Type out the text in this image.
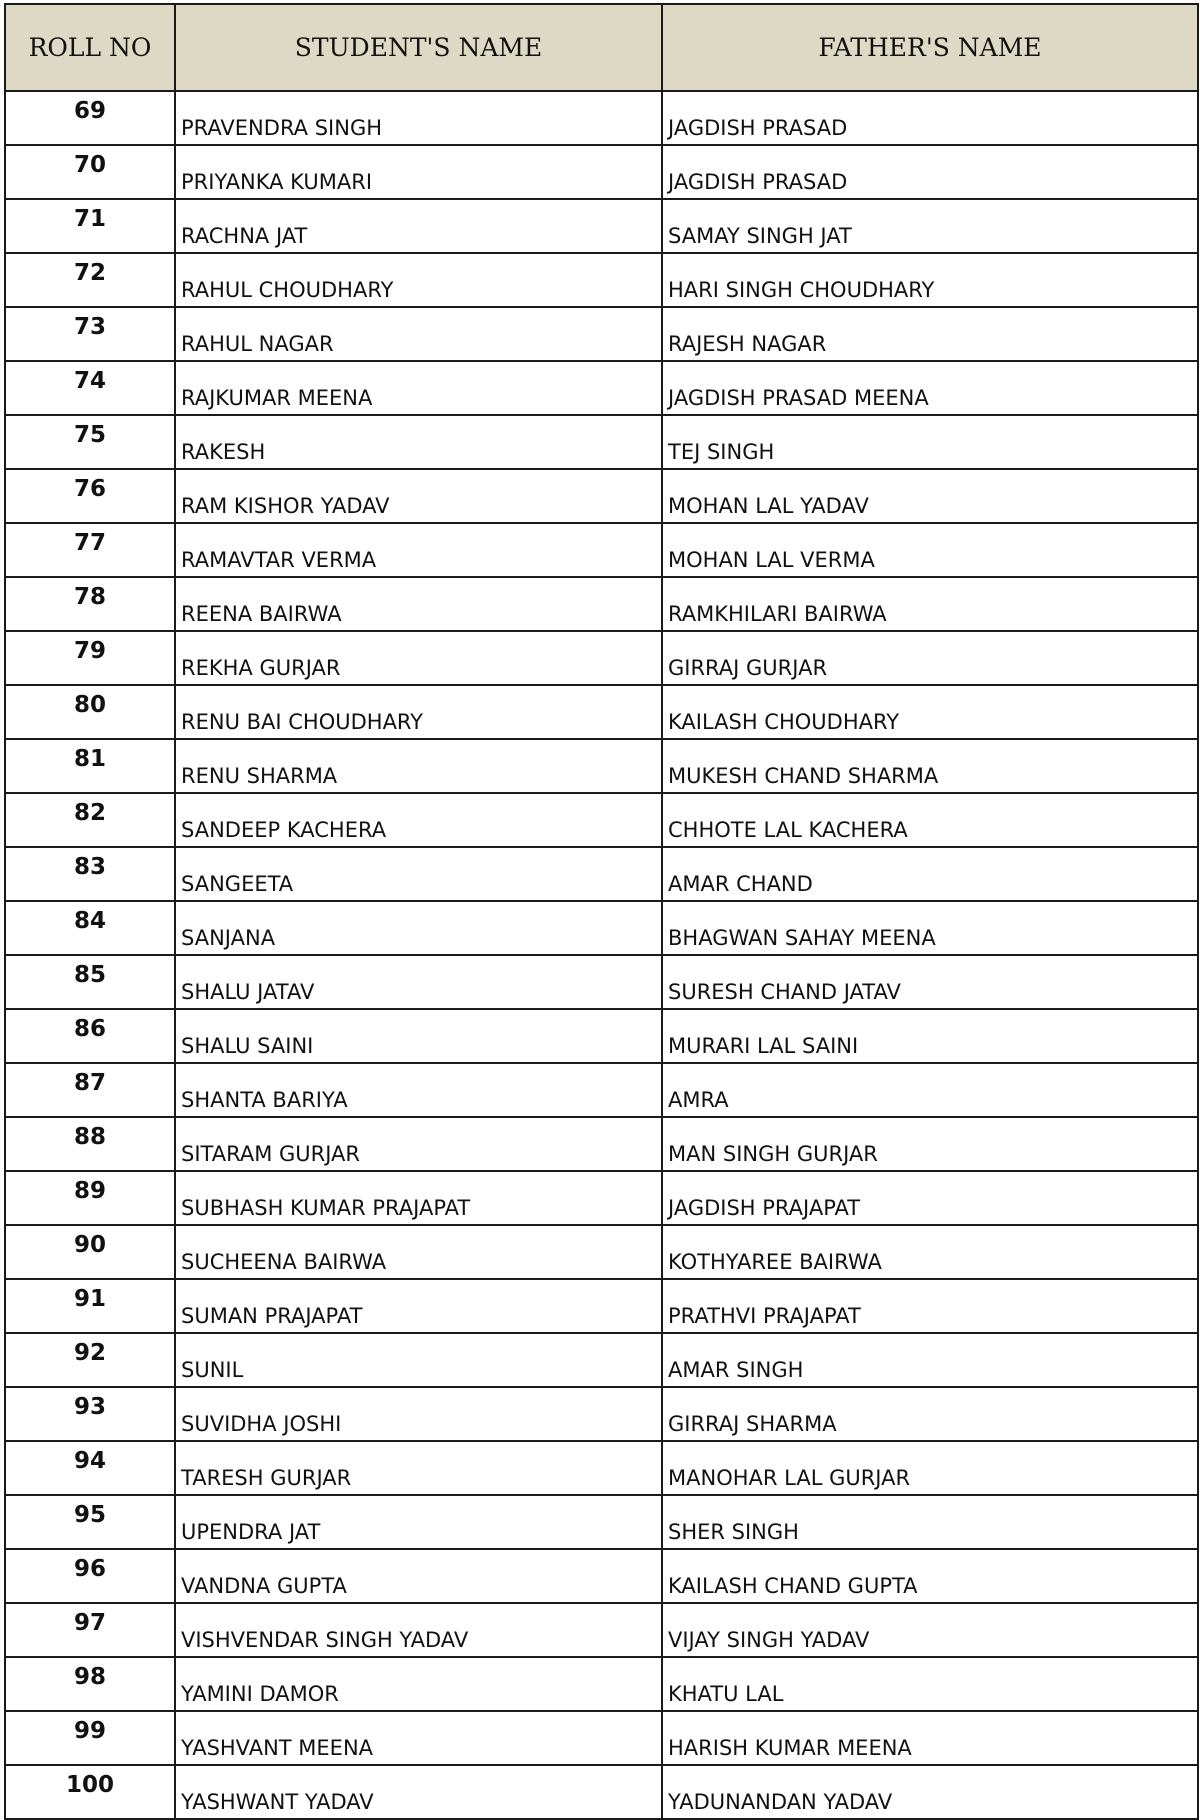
ROLL NO	STUDENT'S NAME	FATHER'S NAME
69	PRAVENDRA SINGH	JAGDISH PRASAD
70	PRIYANKA KUMARI	JAGDISH PRASAD
71	RACHNA JAT	SAMAY SINGH JAT
72	RAHUL CHOUDHARY	HARI SINGH CHOUDHARY
73	RAHUL NAGAR	RAJESH NAGAR
74	RAJKUMAR MEENA	JAGDISH PRASAD MEENA
75	RAKESH	TEJ SINGH
76	RAM KISHOR YADAV	MOHAN LAL YADAV
77	RAMAVTAR VERMA	MOHAN LAL VERMA
78	REENA BAIRWA	RAMKHILARI BAIRWA
79	REKHA GURJAR	GIRRAJ GURJAR
80	RENU BAI CHOUDHARY	KAILASH CHOUDHARY
81	RENU SHARMA	MUKESH CHAND SHARMA
82	SANDEEP KACHERA	CHHOTE LAL KACHERA
83	SANGEETA	AMAR CHAND
84	SANJANA	BHAGWAN SAHAY MEENA
85	SHALU JATAV	SURESH CHAND JATAV
86	SHALU SAINI	MURARI LAL SAINI
87	SHANTA BARIYA	AMRA
88	SITARAM GURJAR	MAN SINGH GURJAR
89	SUBHASH KUMAR PRAJAPAT	JAGDISH PRAJAPAT
90	SUCHEENA BAIRWA	KOTHYAREE BAIRWA
91	SUMAN PRAJAPAT	PRATHVI PRAJAPAT
92	SUNIL	AMAR SINGH
93	SUVIDHA JOSHI	GIRRAJ SHARMA
94	TARESH GURJAR	MANOHAR LAL GURJAR
95	UPENDRA JAT	SHER SINGH
96	VANDNA GUPTA	KAILASH CHAND GUPTA
97	VISHVENDAR SINGH YADAV	VIJAY SINGH YADAV
98	YAMINI DAMOR	KHATU LAL
99	YASHVANT MEENA	HARISH KUMAR MEENA
100	YASHWANT YADAV	YADUNANDAN YADAV
